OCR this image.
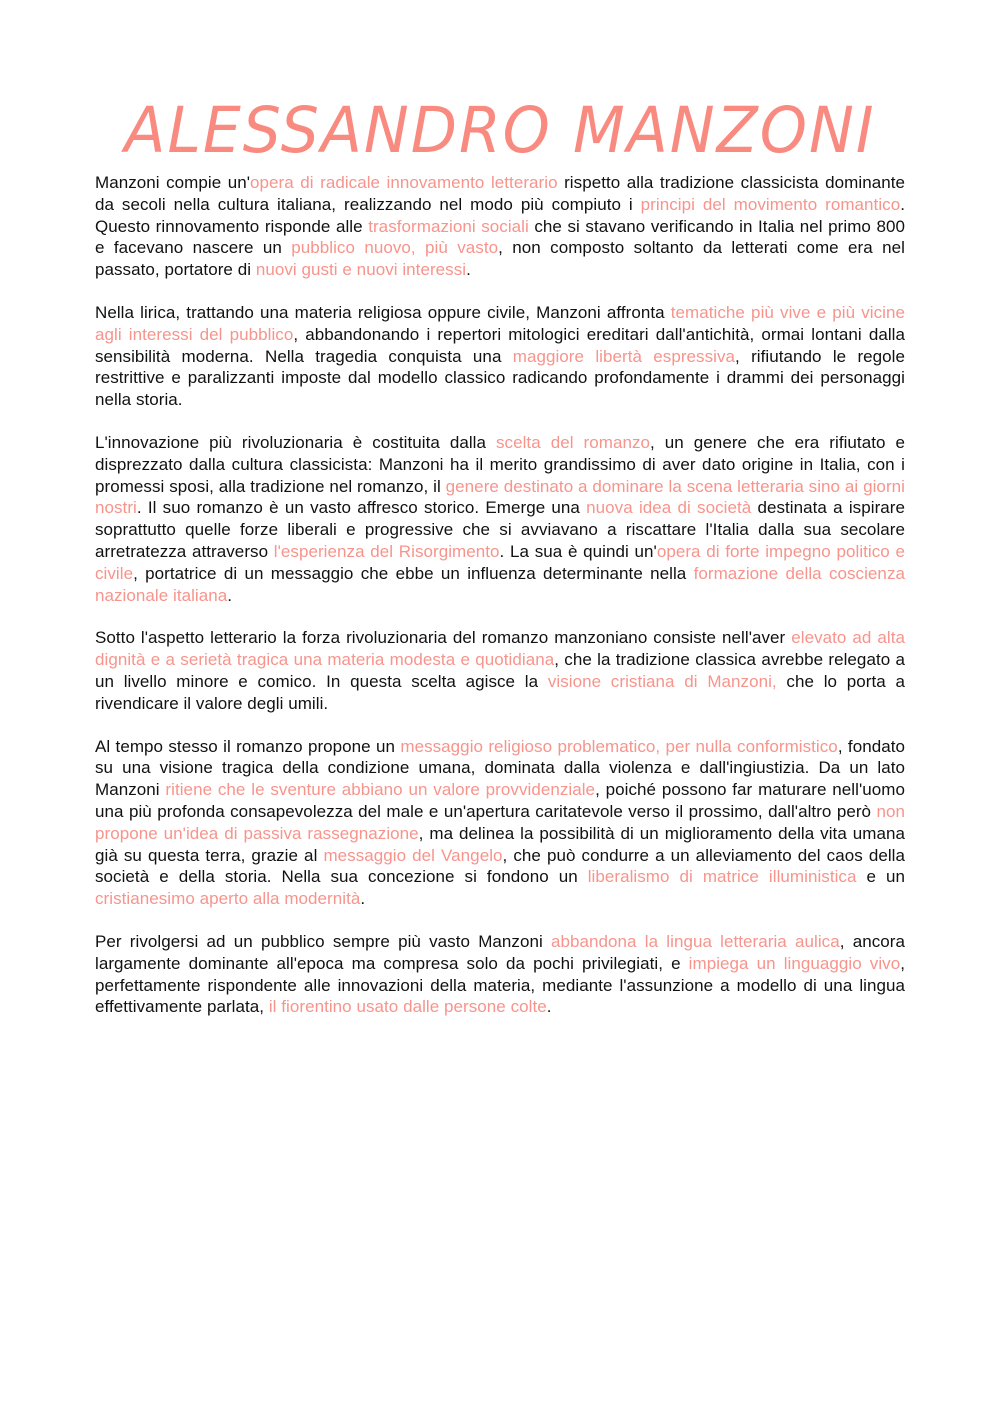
ALESSANDRO MANZONI

Manzoni compie un'opera di radicale innovamento letterario rispetto alla tradizione classicista dominante da secoli nella cultura italiana, realizzando nel modo più compiuto i principi del movimento romantico. Questo rinnovamento risponde alle trasformazioni sociali che si stavano verificando in Italia nel primo 800 e facevano nascere un pubblico nuovo, più vasto, non composto soltanto da letterati come era nel passato, portatore di nuovi gusti e nuovi interessi.

Nella lirica, trattando una materia religiosa oppure civile, Manzoni affronta tematiche più vive e più vicine agli interessi del pubblico, abbandonando i repertori mitologici ereditari dall'antichità, ormai lontani dalla sensibilità moderna. Nella tragedia conquista una maggiore libertà espressiva, rifiutando le regole restrittive e paralizzanti imposte dal modello classico radicando profondamente i drammi dei personaggi nella storia.

L'innovazione più rivoluzionaria è costituita dalla scelta del romanzo, un genere che era rifiutato e disprezzato dalla cultura classicista: Manzoni ha il merito grandissimo di aver dato origine in Italia, con i promessi sposi, alla tradizione nel romanzo, il genere destinato a dominare la scena letteraria sino ai giorni nostri. Il suo romanzo è un vasto affresco storico. Emerge una nuova idea di società destinata a ispirare soprattutto quelle forze liberali e progressive che si avviavano a riscattare l'Italia dalla sua secolare arretratezza attraverso l'esperienza del Risorgimento. La sua è quindi un'opera di forte impegno politico e civile, portatrice di un messaggio che ebbe un influenza determinante nella formazione della coscienza nazionale italiana.

Sotto l'aspetto letterario la forza rivoluzionaria del romanzo manzoniano consiste nell'aver elevato ad alta dignità e a serietà tragica una materia modesta e quotidiana, che la tradizione classica avrebbe relegato a un livello minore e comico. In questa scelta agisce la visione cristiana di Manzoni, che lo porta a rivendicare il valore degli umili.

Al tempo stesso il romanzo propone un messaggio religioso problematico, per nulla conformistico, fondato su una visione tragica della condizione umana, dominata dalla violenza e dall'ingiustizia. Da un lato Manzoni ritiene che le sventure abbiano un valore provvidenziale, poiché possono far maturare nell'uomo una più profonda consapevolezza del male e un'apertura caritatevole verso il prossimo, dall'altro però non propone un'idea di passiva rassegnazione, ma delinea la possibilità di un miglioramento della vita umana già su questa terra, grazie al messaggio del Vangelo, che può condurre a un alleviamento del caos della società e della storia. Nella sua concezione si fondono un liberalismo di matrice illuministica e un cristianesimo aperto alla modernità.

Per rivolgersi ad un pubblico sempre più vasto Manzoni abbandona la lingua letteraria aulica, ancora largamente dominante all'epoca ma compresa solo da pochi privilegiati, e impiega un linguaggio vivo, perfettamente rispondente alle innovazioni della materia, mediante l'assunzione a modello di una lingua effettivamente parlata, il fiorentino usato dalle persone colte.
